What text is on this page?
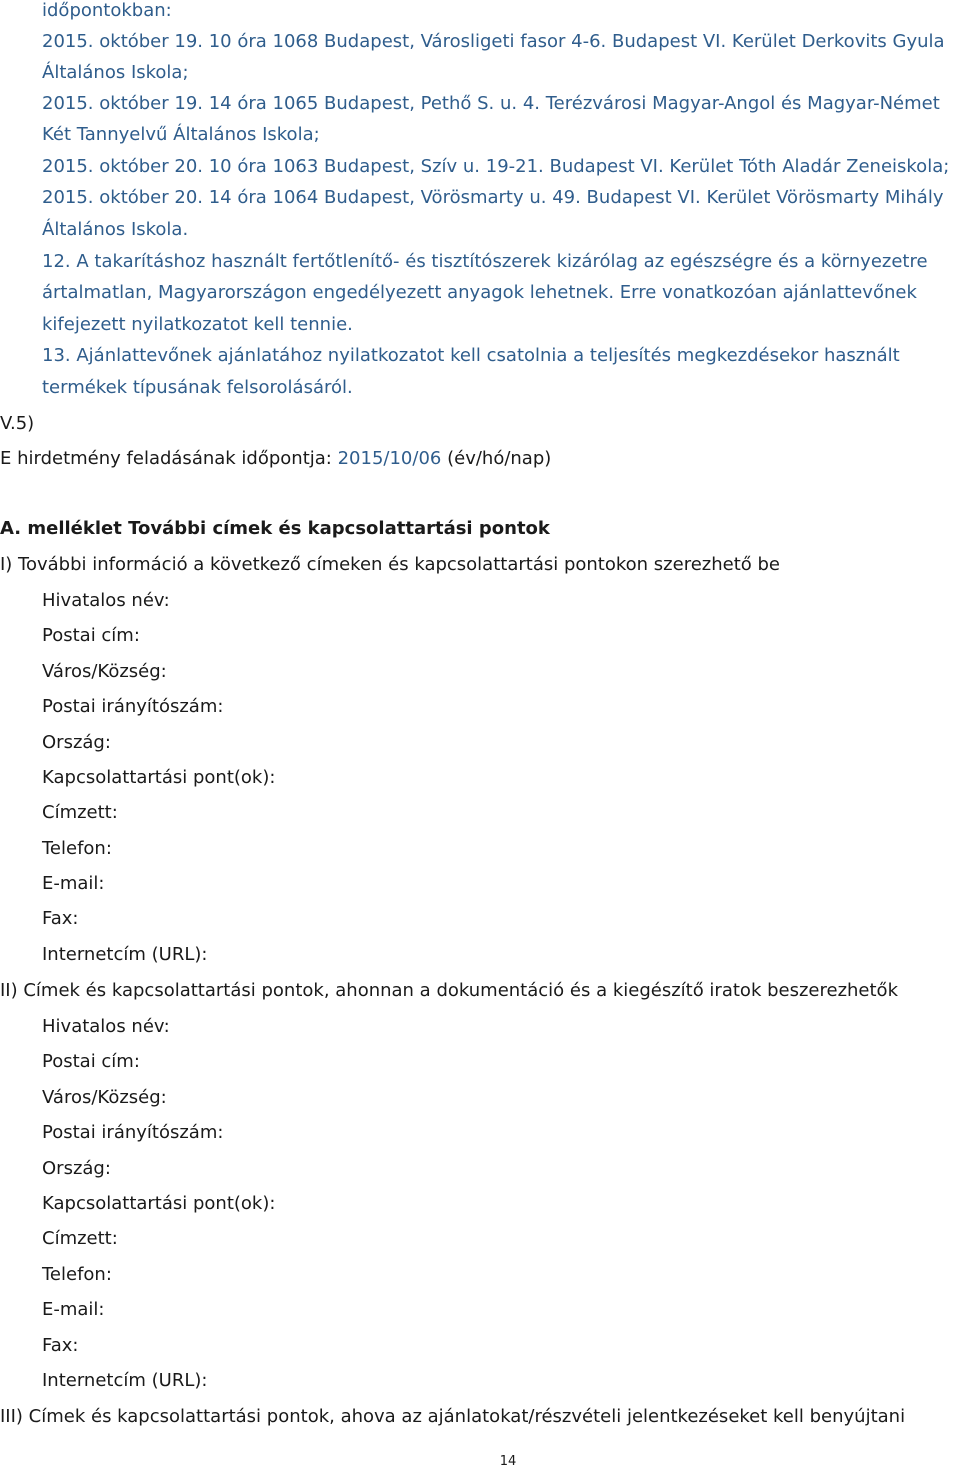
időpontokban:
2015. október 19. 10 óra 1068 Budapest, Városligeti fasor 4-6. Budapest VI. Kerület Derkovits Gyula
Általános Iskola;
2015. október 19. 14 óra 1065 Budapest, Pethő S. u. 4. Terézvárosi Magyar-Angol és Magyar-Német
Két Tannyelvű Általános Iskola;
2015. október 20. 10 óra 1063 Budapest, Szív u. 19-21. Budapest VI. Kerület Tóth Aladár Zeneiskola;
2015. október 20. 14 óra 1064 Budapest, Vörösmarty u. 49. Budapest VI. Kerület Vörösmarty Mihály
Általános Iskola.
12. A takarításhoz használt fertőtlenítő- és tisztítószerek kizárólag az egészségre és a környezetre
ártalmatlan, Magyarországon engedélyezett anyagok lehetnek. Erre vonatkozóan ajánlattevőnek
kifejezett nyilatkozatot kell tennie.
13. Ajánlattevőnek ajánlatához nyilatkozatot kell csatolnia a teljesítés megkezdésekor használt
termékek típusának felsorolásáról.
V.5)
E hirdetmény feladásának időpontja: 2015/10/06 (év/hó/nap)
A. melléklet További címek és kapcsolattartási pontok
I) További információ a következő címeken és kapcsolattartási pontokon szerezhető be
Hivatalos név:
Postai cím:
Város/Község:
Postai irányítószám:
Ország:
Kapcsolattartási pont(ok):
Címzett:
Telefon:
E-mail:
Fax:
Internetcím (URL):
II) Címek és kapcsolattartási pontok, ahonnan a dokumentáció és a kiegészítő iratok beszerezhetők
Hivatalos név:
Postai cím:
Város/Község:
Postai irányítószám:
Ország:
Kapcsolattartási pont(ok):
Címzett:
Telefon:
E-mail:
Fax:
Internetcím (URL):
III) Címek és kapcsolattartási pontok, ahova az ajánlatokat/részvételi jelentkezéseket kell benyújtani
14
